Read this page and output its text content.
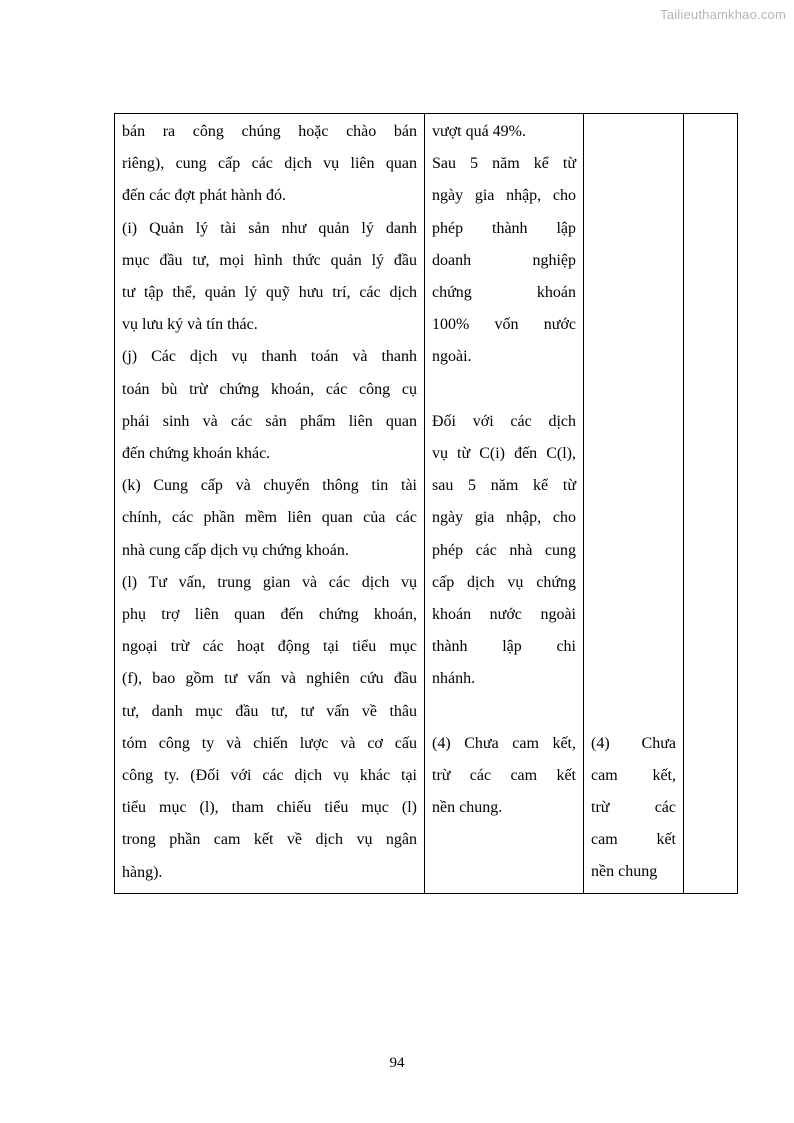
Tailieuthamkhao.com
bán ra công chúng hoặc chào bán
riêng), cung cấp các dịch vụ liên quan
đến các đợt phát hành đó.
(i) Quản lý tài sản như quản lý danh
mục đầu tư, mọi hình thức quản lý đầu
tư tập thể, quản lý quỹ hưu trí, các dịch
vụ lưu ký và tín thác.
(j) Các dịch vụ thanh toán và thanh
toán bù trừ chứng khoán, các công cụ
phái sinh và các sản phẩm liên quan
đến chứng khoán khác.
(k) Cung cấp và chuyển thông tin tài
chính, các phần mềm liên quan của các
nhà cung cấp dịch vụ chứng khoán.
(l) Tư vấn, trung gian và các dịch vụ
phụ trợ liên quan đến chứng khoán,
ngoại trừ các hoạt động tại tiểu mục
(f), bao gồm tư vấn và nghiên cứu đầu
tư, danh mục đầu tư, tư vấn về thâu
tóm công ty và chiến lược và cơ cấu
công ty. (Đối với các dịch vụ khác tại
tiểu mục (l), tham chiếu tiểu mục (l)
trong phần cam kết về dịch vụ ngân
hàng).

vượt quá 49%.
Sau 5 năm kể từ
ngày gia nhập, cho
phép thành lập
doanh nghiệp
chứng khoán
100% vốn nước
ngoài.
Đối với các dịch
vụ từ C(i) đến C(l),
sau 5 năm kể từ
ngày gia nhập, cho
phép các nhà cung
cấp dịch vụ chứng
khoán nước ngoài
thành lập chi
nhánh.
(4) Chưa cam kết,
trừ các cam kết
nền chung.

(4) Chưa
cam kết,
trừ các
cam kết
nền chung

94
